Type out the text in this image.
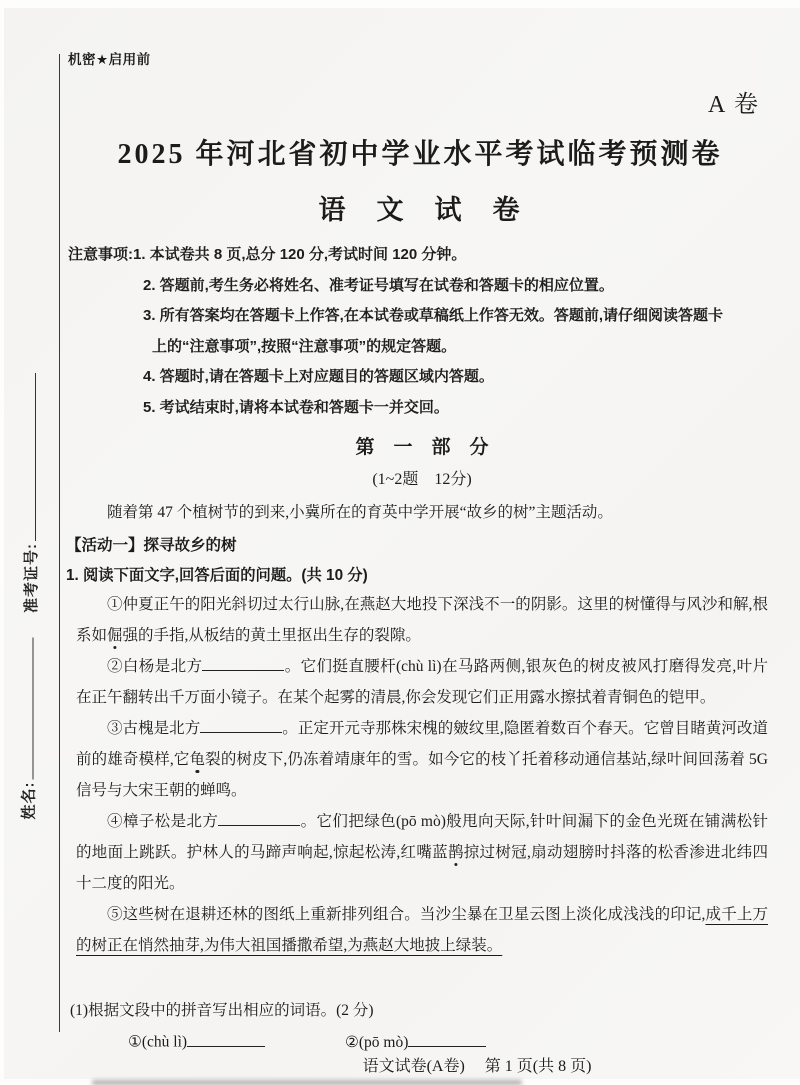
准考证号:
姓名:
机密★启用前
A 卷
2025 年河北省初中学业水平考试临考预测卷
语　文　试　卷
注意事项: 1. 本试卷共 8 页,总分 120 分,考试时间 120 分钟。
2. 答题前,考生务必将姓名、准考证号填写在试卷和答题卡的相应位置。
3. 所有答案均在答题卡上作答,在本试卷或草稿纸上作答无效。答题前,请仔细阅读答题卡
上的“注意事项”,按照“注意事项”的规定答题。
4. 答题时,请在答题卡上对应题目的答题区域内答题。
5. 考试结束时,请将本试卷和答题卡一并交回。
第　一　部　分
(1~2题　12分)
随着第 47 个植树节的到来,小冀所在的育英中学开展“故乡的树”主题活动。
【活动一】探寻故乡的树
1. 阅读下面文字,回答后面的问题。(共 10 分)

①仲夏正午的阳光斜切过太行山脉,在燕赵大地投下深浅不一的阴影。这里的树懂得与风沙和解,根系如倔强的手指,从板结的黄土里抠出生存的裂隙。

②白杨是北方	。它们挺直腰杆(chù lì)在马路两侧,银灰色的树皮被风打磨得发亮,叶片在正午翻转出千万面小镜子。在某个起雾的清晨,你会发现它们正用露水擦拭着青铜色的铠甲。

③古槐是北方	。正定开元寺那株宋槐的皴纹里,隐匿着数百个春天。它曾目睹黄河改道前的雄奇模样,它龟裂的树皮下,仍冻着靖康年的雪。如今它的枝丫托着移动通信基站,绿叶间回荡着 5G 信号与大宋王朝的蝉鸣。

④樟子松是北方	。它们把绿色(pō mò)般甩向天际,针叶间漏下的金色光斑在铺满松针的地面上跳跃。护林人的马蹄声响起,惊起松涛,红嘴蓝鹊掠过树冠,扇动翅膀时抖落的松香渗进北纬四十二度的阳光。

⑤这些树在退耕还林的图纸上重新排列组合。当沙尘暴在卫星云图上淡化成浅浅的印记,成千上万的树正在悄然抽芽,为伟大祖国播撒希望,为燕赵大地披上绿装。

(1)根据文段中的拼音写出相应的词语。(2 分)
①(chù lì)	②(pō mò)
语文试卷(A卷)　 第 1 页(共 8 页)
